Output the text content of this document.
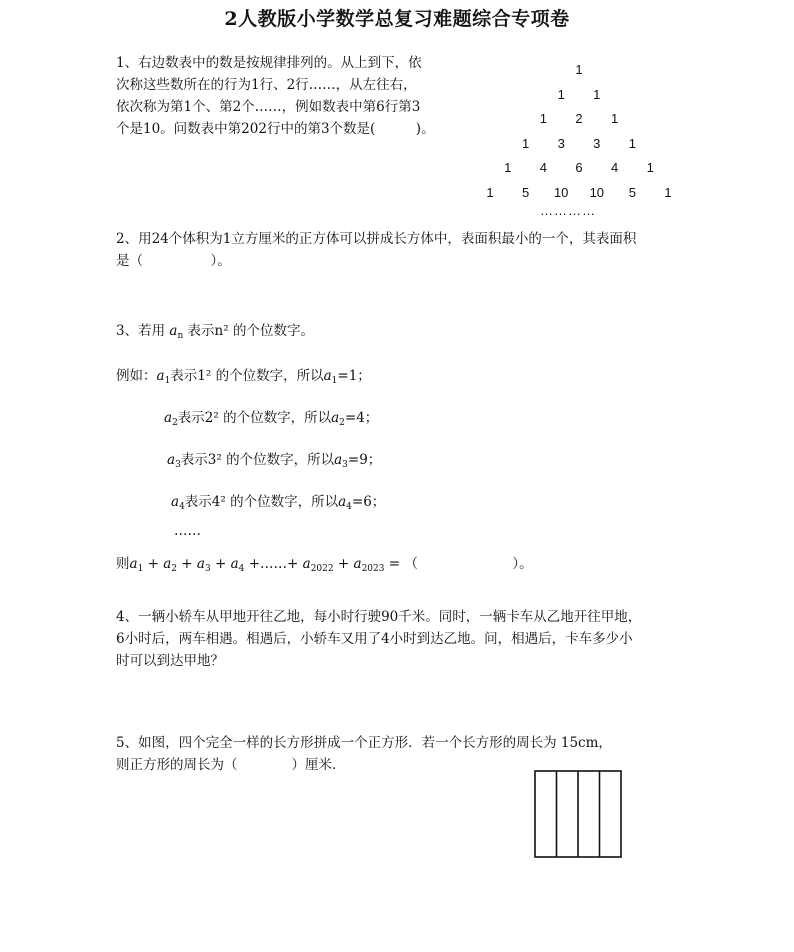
2人教版小学数学总复习难题综合专项卷
1、右边数表中的数是按规律排列的。从上到下，依
次称这些数所在的行为1行、2行……，从左往右，
依次称为第1个、第2个……，例如数表中第6行第3
个是10。问数表中第202行中的第3个数是(　　　)。
1
1 1
1 2 1
1 3 3 1
1 4 6 4 1
1 5 10 10 5 1
…………
2、用24个体积为1立方厘米的正方体可以拼成长方体中，表面积最小的一个，其表面积
是（　　　　　）。
3、若用 $a_n$ 表示n² 的个位数字。
例如：$a_1$表示1² 的个位数字，所以$a_1=1$；
$a_2$表示2² 的个位数字，所以$a_2=4$；
$a_3$表示3² 的个位数字，所以$a_3=9$；
$a_4$表示4² 的个位数字，所以$a_4=6$；
……
则$a_1 + a_2 + a_3 + a_4$ +……+ $a_{2022} + a_{2023}$ = （　　　　　　　）。
4、一辆小轿车从甲地开往乙地，每小时行驶90千米。同时，一辆卡车从乙地开往甲地，
6小时后，两车相遇。相遇后，小轿车又用了4小时到达乙地。问，相遇后，卡车多少小
时可以到达甲地？
5、如图，四个完全一样的长方形拼成一个正方形．若一个长方形的周长为 15cm，
则正方形的周长为（　　　　）厘米．
